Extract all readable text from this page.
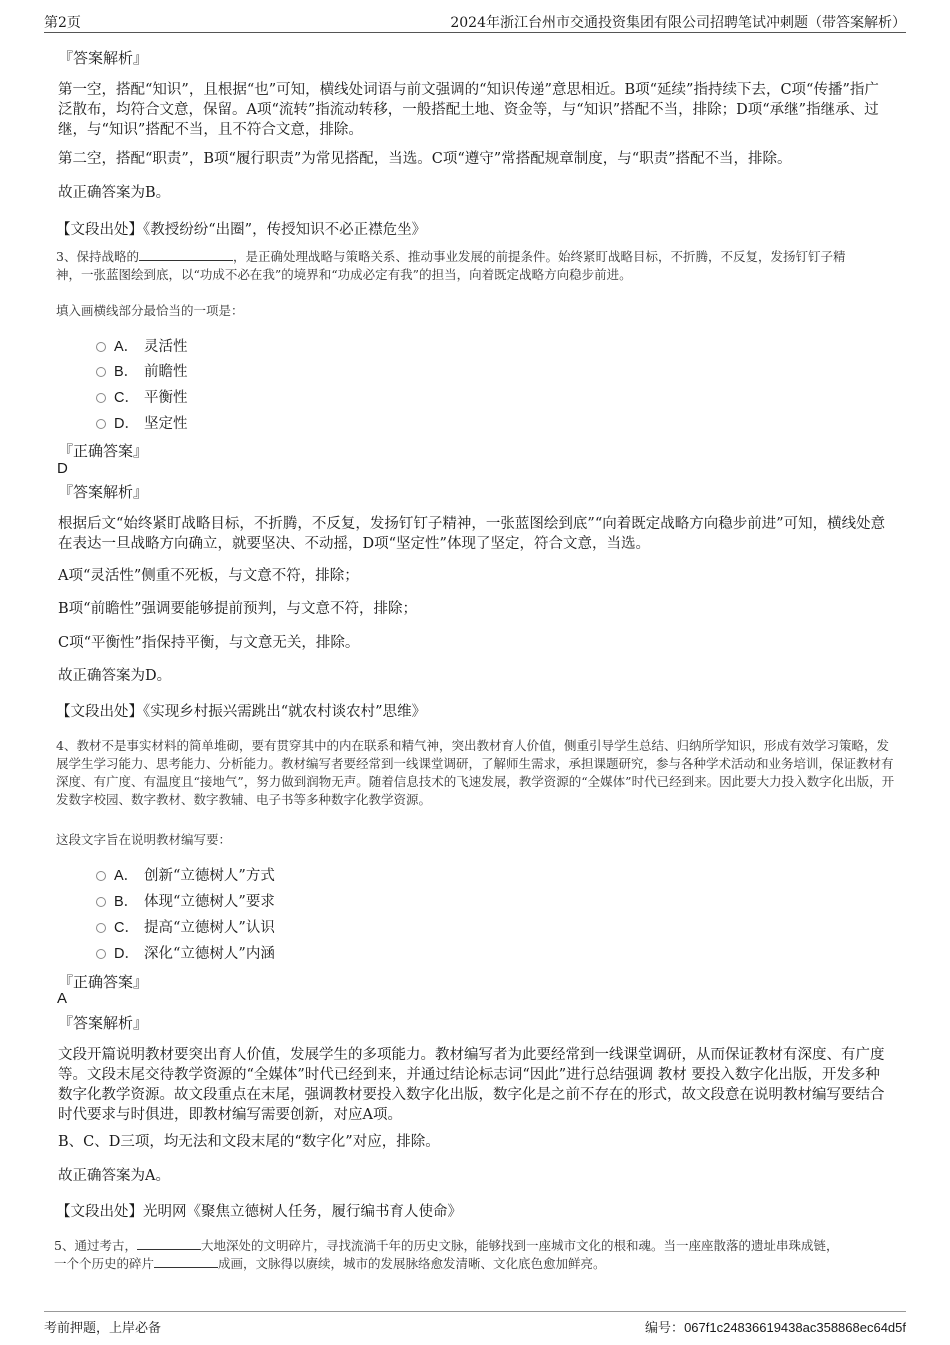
第2页	2024年浙江台州市交通投资集团有限公司招聘笔试冲刺题（带答案解析）
『答案解析』
第一空，搭配“知识”，且根据“也”可知，横线处词语与前文强调的“知识传递”意思相近。B项“延续”指持续下去，C项“传播”指广泛散布，均符合文意，保留。A项“流转”指流动转移，一般搭配土地、资金等，与“知识”搭配不当，排除；D项“承继”指继承、过继，与“知识”搭配不当，且不符合文意，排除。
第二空，搭配“职责”，B项“履行职责”为常见搭配，当选。C项“遵守”常搭配规章制度，与“职责”搭配不当，排除。
故正确答案为B。
【文段出处】《教授纷纷“出圈”，传授知识不必正襟危坐》
3、保持战略的	，是正确处理战略与策略关系、推动事业发展的前提条件。始终紧盯战略目标，不折腾，不反复，发扬钉钉子精
神，一张蓝图绘到底，以“功成不必在我”的境界和“功成必定有我”的担当，向着既定战略方向稳步前进。
填入画横线部分最恰当的一项是：
A． 灵活性
B． 前瞻性
C． 平衡性
D． 坚定性
『正确答案』
D
『答案解析』
根据后文“始终紧盯战略目标，不折腾，不反复，发扬钉钉子精神，一张蓝图绘到底”“向着既定战略方向稳步前进”可知，横线处意在表达一旦战略方向确立，就要坚决、不动摇，D项“坚定性”体现了坚定，符合文意，当选。
A项“灵活性”侧重不死板，与文意不符，排除；
B项“前瞻性”强调要能够提前预判，与文意不符，排除；
C项“平衡性”指保持平衡，与文意无关，排除。
故正确答案为D。
【文段出处】《实现乡村振兴需跳出“就农村谈农村”思维》
4、教材不是事实材料的简单堆砌，要有贯穿其中的内在联系和精气神，突出教材育人价值，侧重引导学生总结、归纳所学知识，形成有效学习策略，发展学生学习能力、思考能力、分析能力。教材编写者要经常到一线课堂调研，了解师生需求，承担课题研究，参与各种学术活动和业务培训，保证教材有深度、有广度、有温度且“接地气”，努力做到润物无声。随着信息技术的飞速发展，教学资源的“全媒体”时代已经到来。因此要大力投入数字化出版，开发数字校园、数字教材、数字教辅、电子书等多种数字化教学资源。
这段文字旨在说明教材编写要：
A． 创新“立德树人”方式
B． 体现“立德树人”要求
C． 提高“立德树人”认识
D． 深化“立德树人”内涵
『正确答案』
A
『答案解析』
文段开篇说明教材要突出育人价值，发展学生的多项能力。教材编写者为此要经常到一线课堂调研，从而保证教材有深度、有广度等。文段末尾交待教学资源的“全媒体”时代已经到来，并通过结论标志词“因此”进行总结强调 教材 要投入数字化出版，开发多种数字化教学资源。故文段重点在末尾，强调教材要投入数字化出版，数字化是之前不存在的形式，故文段意在说明教材编写要结合时代要求与时俱进，即教材编写需要创新，对应A项。
B、C、D三项，均无法和文段末尾的“数字化”对应，排除。
故正确答案为A。
【文段出处】光明网《聚焦立德树人任务，履行编书育人使命》
5、通过考古，	大地深处的文明碎片，寻找流淌千年的历史文脉，能够找到一座城市文化的根和魂。当一座座散落的遗址串珠成链，
一个个历史的碎片	成画，文脉得以赓续，城市的发展脉络愈发清晰、文化底色愈加鲜亮。
考前押题，上岸必备	编号：067f1c24836619438ac358868ec64d5f
